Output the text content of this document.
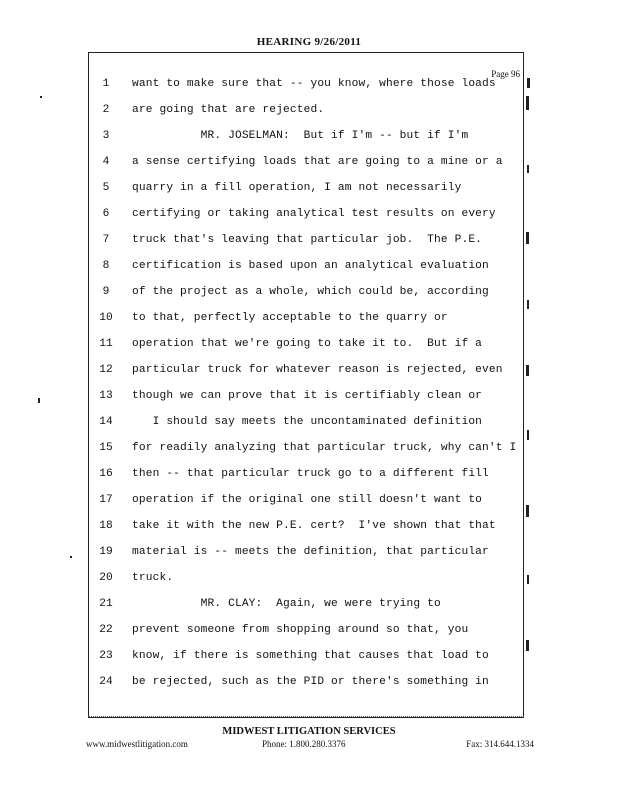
HEARING 9/26/2011
Page 96
1	want to make sure that -- you know, where those loads
2	are going that are rejected.
3	MR. JOSELMAN:  But if I'm -- but if I'm
4	a sense certifying loads that are going to a mine or a
5	quarry in a fill operation, I am not necessarily
6	certifying or taking analytical test results on every
7	truck that's leaving that particular job.  The P.E.
8	certification is based upon an analytical evaluation
9	of the project as a whole, which could be, according
10 to that, perfectly acceptable to the quarry or
11 operation that we're going to take it to.  But if a
12 particular truck for whatever reason is rejected, even
13 though we can prove that it is certifiably clean or
14 I should say meets the uncontaminated definition
15 for readily analyzing that particular truck, why can't I
16 then -- that particular truck go to a different fill
17 operation if the original one still doesn't want to
18 take it with the new P.E. cert?  I've shown that that
19 material is -- meets the definition, that particular
20 truck.
21 MR. CLAY:  Again, we were trying to
22 prevent someone from shopping around so that, you
23 know, if there is something that causes that load to
24 be rejected, such as the PID or there's something in
MIDWEST LITIGATION SERVICES
www.midwestlitigation.com	Phone: 1.800.280.3376	Fax: 314.644.1334
